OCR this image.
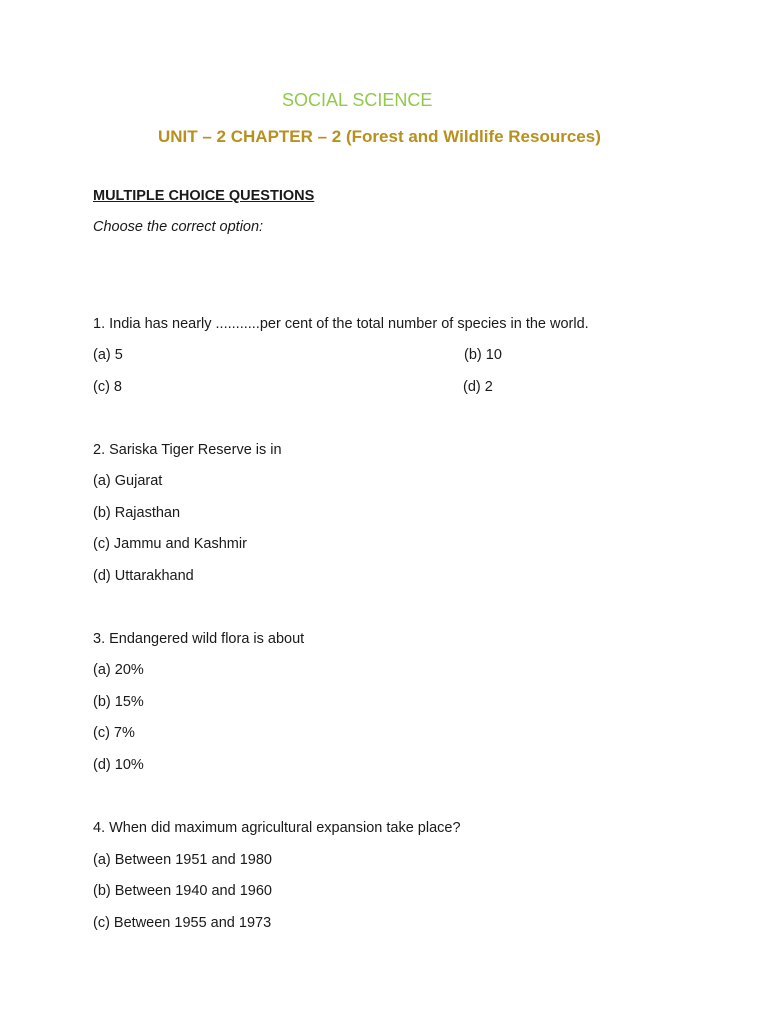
SOCIAL SCIENCE
UNIT – 2 CHAPTER – 2 (Forest and Wildlife Resources)
MULTIPLE CHOICE QUESTIONS
Choose the correct option:
1. India has nearly ...........per cent of the total number of species in the world.
(a) 5	(b) 10
(c) 8	(d) 2
2. Sariska Tiger Reserve is in
(a) Gujarat
(b) Rajasthan
(c) Jammu and Kashmir
(d) Uttarakhand
3. Endangered wild flora is about
(a) 20%
(b) 15%
(c) 7%
(d) 10%
4. When did maximum agricultural expansion take place?
(a) Between 1951 and 1980
(b) Between 1940 and 1960
(c) Between 1955 and 1973
